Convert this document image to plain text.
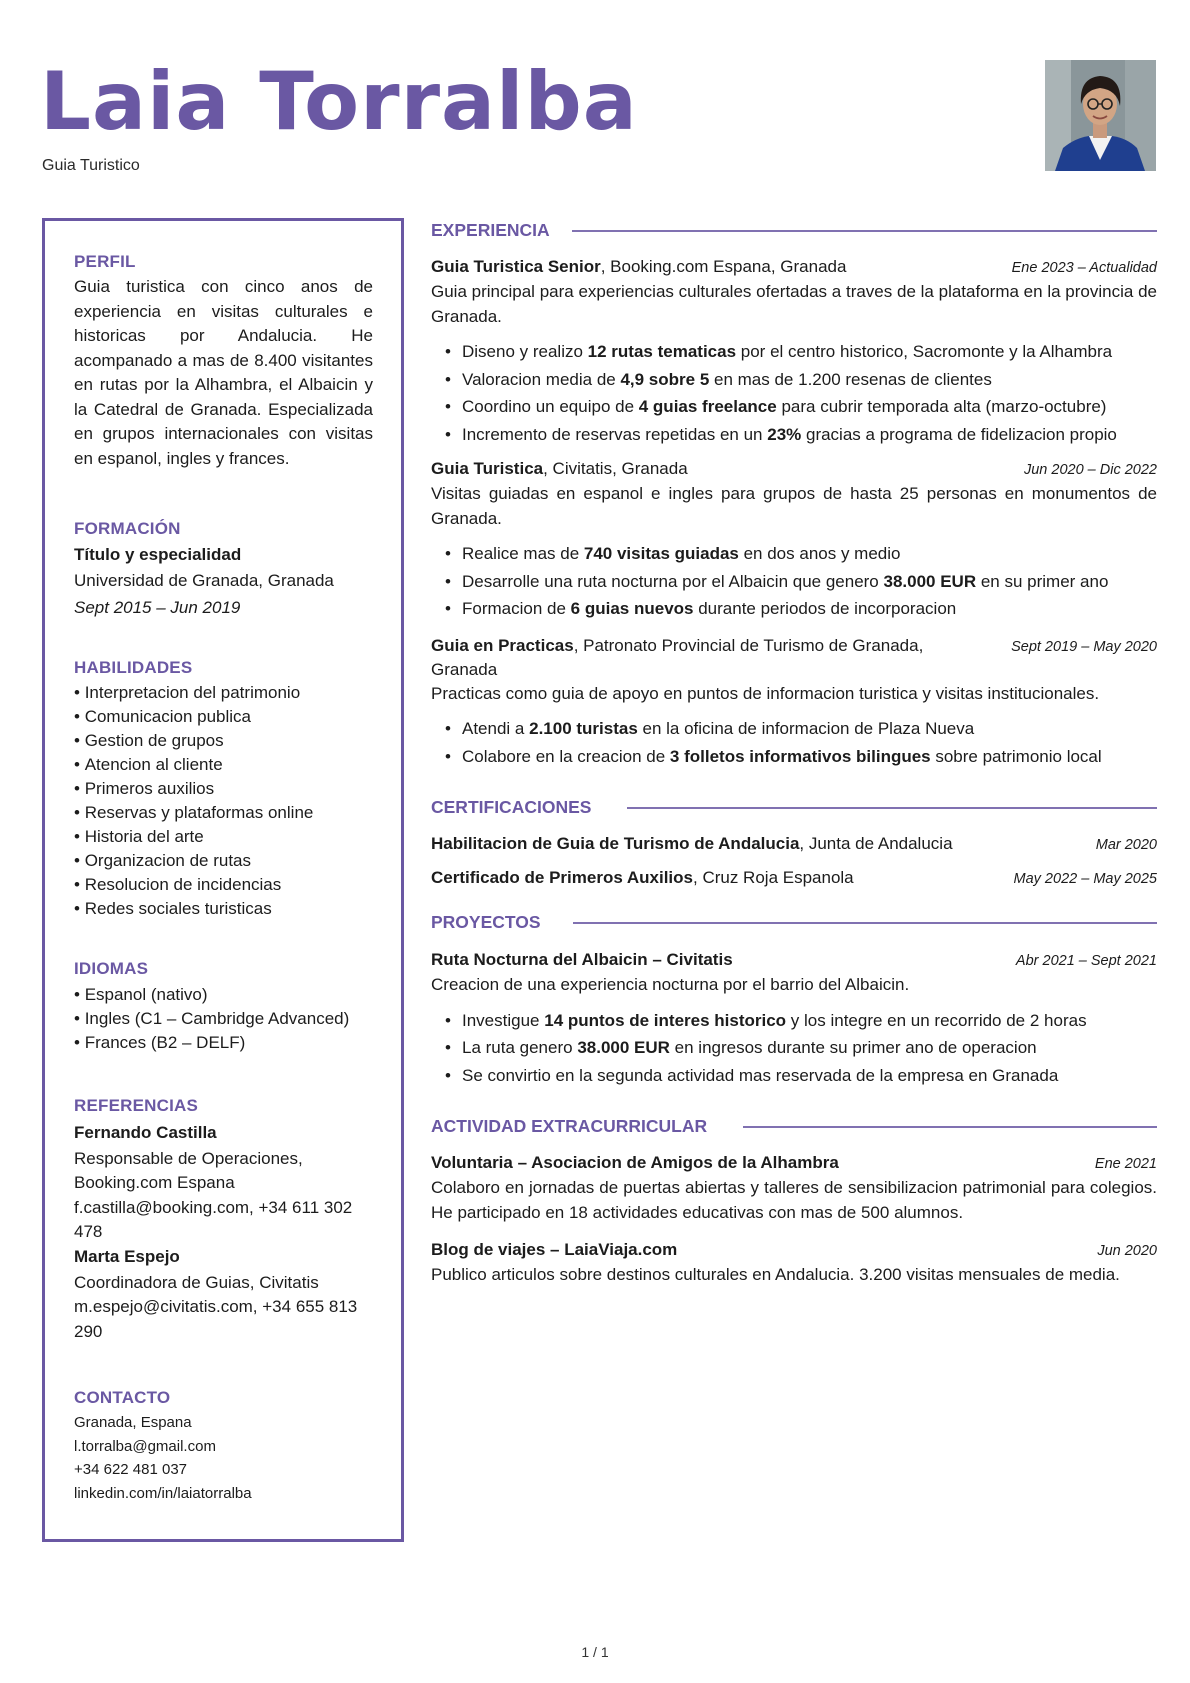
Laia Torralba
Guia Turistico
PERFIL
Guia turistica con cinco anos de experiencia en visitas culturales e historicas por Andalucia. He acompanado a mas de 8.400 visitantes en rutas por la Alhambra, el Albaicin y la Catedral de Granada. Especializada en grupos internacionales con visitas en espanol, ingles y frances.
FORMACIÓN
Título y especialidad
Universidad de Granada, Granada
Sept 2015 – Jun 2019
HABILIDADES
• Interpretacion del patrimonio
• Comunicacion publica
• Gestion de grupos
• Atencion al cliente
• Primeros auxilios
• Reservas y plataformas online
• Historia del arte
• Organizacion de rutas
• Resolucion de incidencias
• Redes sociales turisticas
IDIOMAS
• Espanol (nativo)
• Ingles (C1 – Cambridge Advanced)
• Frances (B2 – DELF)
REFERENCIAS
Fernando Castilla
Responsable de Operaciones, Booking.com Espana
f.castilla@booking.com, +34 611 302 478
Marta Espejo
Coordinadora de Guias, Civitatis
m.espejo@civitatis.com, +34 655 813 290
CONTACTO
Granada, Espana
l.torralba@gmail.com
+34 622 481 037
linkedin.com/in/laiatorralba
EXPERIENCIA
Guia Turistica Senior, Booking.com Espana, Granada	Ene 2023 – Actualidad
Guia principal para experiencias culturales ofertadas a traves de la plataforma en la provincia de Granada.
• Diseno y realizo 12 rutas tematicas por el centro historico, Sacromonte y la Alhambra
• Valoracion media de 4,9 sobre 5 en mas de 1.200 resenas de clientes
• Coordino un equipo de 4 guias freelance para cubrir temporada alta (marzo-octubre)
• Incremento de reservas repetidas en un 23% gracias a programa de fidelizacion propio
Guia Turistica, Civitatis, Granada	Jun 2020 – Dic 2022
Visitas guiadas en espanol e ingles para grupos de hasta 25 personas en monumentos de Granada.
• Realice mas de 740 visitas guiadas en dos anos y medio
• Desarrolle una ruta nocturna por el Albaicin que genero 38.000 EUR en su primer ano
• Formacion de 6 guias nuevos durante periodos de incorporacion
Guia en Practicas, Patronato Provincial de Turismo de Granada, Granada
Sept 2019 – May 2020
Practicas como guia de apoyo en puntos de informacion turistica y visitas institucionales.
• Atendi a 2.100 turistas en la oficina de informacion de Plaza Nueva
• Colabore en la creacion de 3 folletos informativos bilingues sobre patrimonio local
CERTIFICACIONES
Habilitacion de Guia de Turismo de Andalucia, Junta de Andalucia	Mar 2020
Certificado de Primeros Auxilios, Cruz Roja Espanola	May 2022 – May 2025
PROYECTOS
Ruta Nocturna del Albaicin – Civitatis	Abr 2021 – Sept 2021
Creacion de una experiencia nocturna por el barrio del Albaicin.
• Investigue 14 puntos de interes historico y los integre en un recorrido de 2 horas
• La ruta genero 38.000 EUR en ingresos durante su primer ano de operacion
• Se convirtio en la segunda actividad mas reservada de la empresa en Granada
ACTIVIDAD EXTRACURRICULAR
Voluntaria – Asociacion de Amigos de la Alhambra	Ene 2021
Colaboro en jornadas de puertas abiertas y talleres de sensibilizacion patrimonial para colegios. He participado en 18 actividades educativas con mas de 500 alumnos.
Blog de viajes – LaiaViaja.com	Jun 2020
Publico articulos sobre destinos culturales en Andalucia. 3.200 visitas mensuales de media.
1 / 1
